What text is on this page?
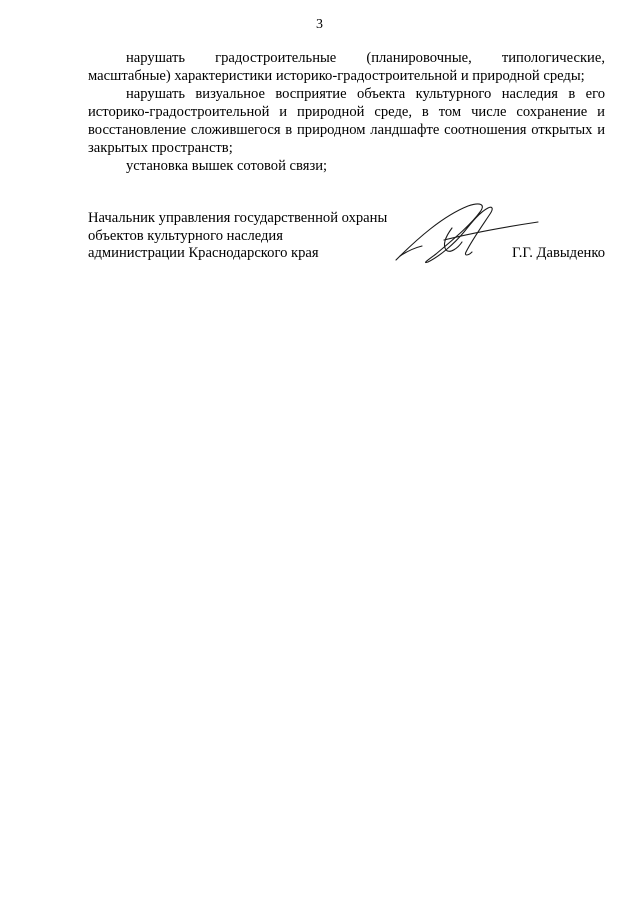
3

нарушать градостроительные (планировочные, типологические, масштабные) характеристики историко-градостроительной и природной среды;

нарушать визуальное восприятие объекта культурного наследия в его историко-градостроительной и природной среде, в том числе сохранение и восстановление сложившегося в природном ландшафте соотношения открытых и закрытых пространств;

установка вышек сотовой связи;

Начальник управления государственной охраны
объектов культурного наследия
администрации Краснодарского края	Г.Г. Давыденко
